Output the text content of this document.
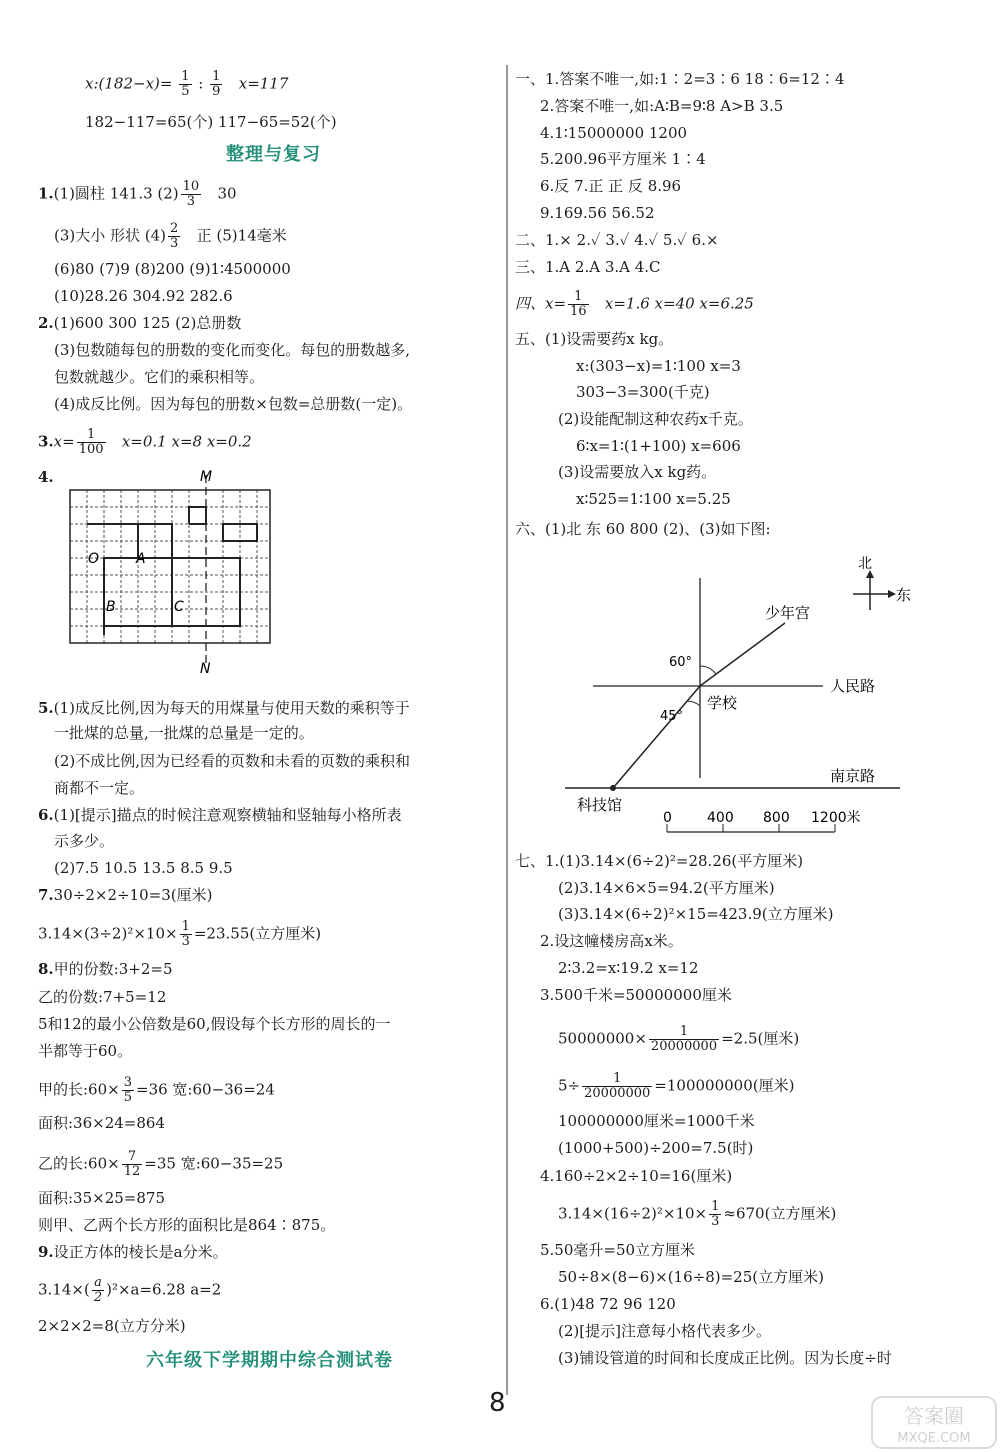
x:(182−x)= $\frac{1}{5}$ : $\frac{1}{9} x=117$
182−117=65(个) 117−65=52(个)
整理与复习
1.(1)圆柱 141.3 $(2) \frac{10}{3} 30$
(3)大小 形状 $(4) \frac{2}{3}$ 正 (5)14毫米
(6)80 (7)9 (8)200 (9)1∶4500000
(10)28.26 304.92 282.6
2.(1)600 300 125 (2)总册数
(3)包数随每包的册数的变化而变化。每包的册数越多,
包数就越少。它们的乘积相等。
(4)成反比例。因为每包的册数×包数=总册数(一定)。
$3.x= \frac{1}{100} x=0.1$ x=8 x=0.2
4.	M
N
O	A
B	C
5.(1)成反比例,因为每天的用煤量与使用天数的乘积等于
一批煤的总量,一批煤的总量是一定的。
(2)不成比例,因为已经看的页数和未看的页数的乘积和
商都不一定。
6.(1)[提示]描点的时候注意观察横轴和竖轴每小格所表
示多少。
(2)7.5 10.5 13.5 8.5 9.5
7.30÷2×2÷10=3(厘米)
$3.14\times(3\div 2)^2\times 10\times \frac{1}{3} =23.55$(立方厘米)
8.甲的份数:3+2=5
乙的份数:7+5=12
5和12的最小公倍数是60,假设每个长方形的周长的一
半都等于60。
甲的长:60× $\frac{3}{5} =36$ 宽:60−36=24
面积:36×24=864
乙的长:60× $\frac{7}{12} =35$ 宽:60−35=25
面积:35×25=875
则甲、乙两个长方形的面积比是864∶875。
9.设正方体的棱长是a分米。
$3.14\times( \frac{a}{2} )^2\times a=6.28$ a=2
2×2×2=8(立方分米)
六年级下学期期中综合测试卷
一、1.答案不唯一,如:1∶2=3∶6 18∶6=12∶4
2.答案不唯一,如:A∶B=9∶8 A>B 3.5
4.1∶15000000 1200
5.200.96平方厘米 1∶4
6.反 7.正 正 反 8.96
9.169.56 56.52
二、1.× 2.✓ 3.✓ 4.✓ 5.✓ 6.×
三、1.A 2.A 3.A 4.C
四、$x= \frac{1}{16} x=1.6$ x=40 x=6.25
五、(1)设需要药x kg。
x:(303−x)=1∶100 x=3
303−3=300(千克)
(2)设能配制这种农药x千克。
6∶x=1∶(1+100) x=606
(3)设需要放入x kg药。
x∶525=1∶100 x=5.25
六、(1)北 东 60 800 (2)、(3)如下图:
北
东
少年宫
60°
45°
学校
人民路
南京路
科技馆
0	400 800 1200米
七、1.(1)3.14×(6÷2)²=28.26(平方厘米)
(2)3.14×6×5=94.2(平方厘米)
(3)3.14×(6÷2)²×15=423.9(立方厘米)
2.设这幢楼房高x米。
2∶3.2=x∶19.2 x=12
3.500千米=50000000厘米
$50000000\times \frac{1}{20000000} =2.5$(厘米)
$5\div \frac{1}{20000000} =100000000$(厘米)
100000000厘米=1000千米
(1000+500)÷200=7.5(时)
4.160÷2×2÷10=16(厘米)
$3.14\times(16\div 2)^2\times 10\times \frac{1}{3} \approx 670$(立方厘米)
5.50毫升=50立方厘米
50÷8×(8−6)×(16÷8)=25(立方厘米)
6.(1)48 72 96 120
(2)[提示]注意每小格代表多少。
(3)铺设管道的时间和长度成正比例。因为长度÷时
8	答案圈
MXQE.COM
